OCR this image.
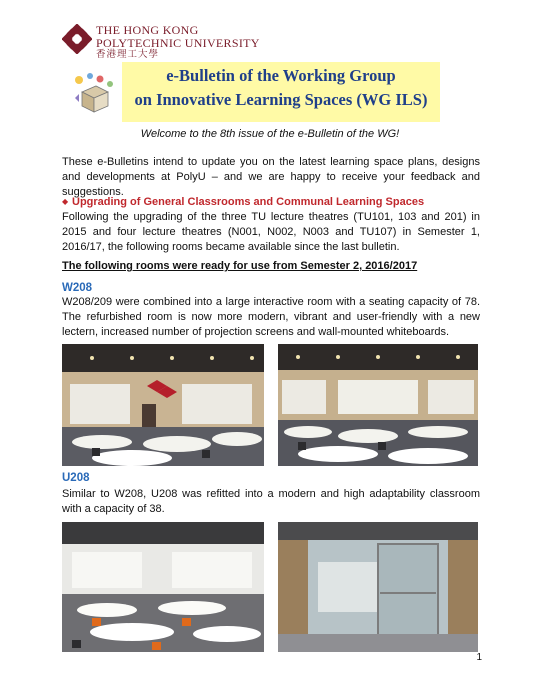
THE HONG KONG
POLYTECHNIC UNIVERSITY
香港理工大學
e-Bulletin of the Working Group
on Innovative Learning Spaces (WG ILS)
Welcome to the 8th issue of the e-Bulletin of the WG!
These e-Bulletins intend to update you on the latest learning space plans, designs and developments at PolyU – and we are happy to receive your feedback and suggestions.
◆ Upgrading of General Classrooms and Communal Learning Spaces
Following the upgrading of the three TU lecture theatres (TU101, 103 and 201) in 2015 and four lecture theatres (N001, N002, N003 and TU107) in Semester 1, 2016/17, the following rooms became available since the last bulletin.
The following rooms were ready for use from Semester 2, 2016/2017
W208
W208/209 were combined into a large interactive room with a seating capacity of 78. The refurbished room is now more modern, vibrant and user-friendly with a new lectern, increased number of projection screens and wall-mounted whiteboards.
U208
Similar to W208, U208 was refitted into a modern and high adaptability classroom with a capacity of 38.
1
